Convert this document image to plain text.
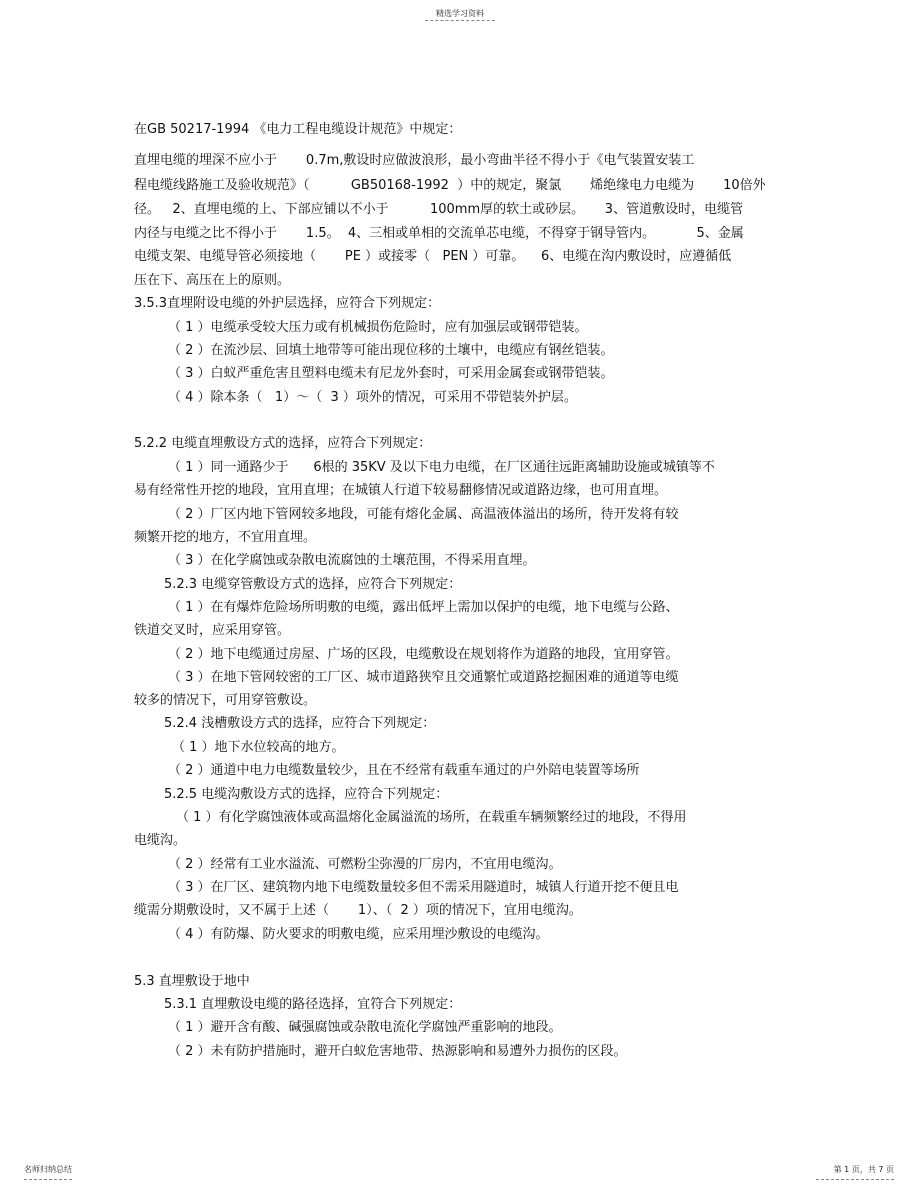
精选学习资料
在GB 50217-1994 《电力工程电缆设计规范》中规定：
直埋电缆的埋深不应小于       0.7m,敷设时应做波浪形，最小弯曲半径不得小于《电气装置安装工
程电缆线路施工及验收规范》（          GB50168-1992  ）中的规定，聚氯       烯绝缘电力电缆为       10倍外
径。   2、直埋电缆的上、下部应铺以不小于          100mm厚的软土或砂层。     3、管道敷设时，电缆管
内径与电缆之比不得小于       1.5。  4、三相或单相的交流单芯电缆，不得穿于钢导管内。          5、金属
电缆支架、电缆导管必须接地（       PE ）或接零（   PEN ）可靠。    6、电缆在沟内敷设时，应遵循低
压在下、高压在上的原则。
3.5.3直埋附设电缆的外护层选择，应符合下列规定：
（ 1 ）电缆承受较大压力或有机械损伤危险时，应有加强层或钢带铠装。
（ 2 ）在流沙层、回填土地带等可能出现位移的土壤中，电缆应有钢丝铠装。
（ 3 ）白蚁严重危害且塑料电缆未有尼龙外套时，可采用金属套或钢带铠装。
（ 4 ）除本条（   1）～（  3 ）项外的情况，可采用不带铠装外护层。
5.2.2 电缆直埋敷设方式的选择，应符合下列规定：
（ 1 ）同一通路少于      6根的 35KV 及以下电力电缆，在厂区通往远距离辅助设施或城镇等不
易有经常性开挖的地段，宜用直埋；在城镇人行道下较易翻修情况或道路边缘，也可用直埋。
（ 2 ）厂区内地下管网较多地段，可能有熔化金属、高温液体溢出的场所，待开发将有较
频繁开挖的地方，不宜用直埋。
（ 3 ）在化学腐蚀或杂散电流腐蚀的土壤范围，不得采用直埋。
5.2.3 电缆穿管敷设方式的选择，应符合下列规定：
（ 1 ）在有爆炸危险场所明敷的电缆，露出低坪上需加以保护的电缆，地下电缆与公路、
铁道交叉时，应采用穿管。
（ 2 ）地下电缆通过房屋、广场的区段，电缆敷设在规划将作为道路的地段，宜用穿管。
（ 3 ）在地下管网较密的工厂区、城市道路狭窄且交通繁忙或道路挖掘困难的通道等电缆
较多的情况下，可用穿管敷设。
5.2.4 浅槽敷设方式的选择，应符合下列规定：
（ 1 ）地下水位较高的地方。
（ 2 ）通道中电力电缆数量较少，且在不经常有载重车通过的户外陪电装置等场所
5.2.5 电缆沟敷设方式的选择，应符合下列规定：
（ 1 ）有化学腐蚀液体或高温熔化金属溢流的场所，在载重车辆频繁经过的地段，不得用
电缆沟。
（ 2 ）经常有工业水溢流、可燃粉尘弥漫的厂房内，不宜用电缆沟。
（ 3 ）在厂区、建筑物内地下电缆数量较多但不需采用隧道时，城镇人行道开挖不便且电
缆需分期敷设时，又不属于上述（       1）、（  2 ）项的情况下，宜用电缆沟。
（ 4 ）有防爆、防火要求的明敷电缆，应采用埋沙敷设的电缆沟。
5.3 直埋敷设于地中
5.3.1 直埋敷设电缆的路径选择，宜符合下列规定：
（ 1 ）避开含有酸、碱强腐蚀或杂散电流化学腐蚀严重影响的地段。
（ 2 ）未有防护措施时，避开白蚁危害地带、热源影响和易遭外力损伤的区段。
名师归纳总结	第 1 页，共 7 页
